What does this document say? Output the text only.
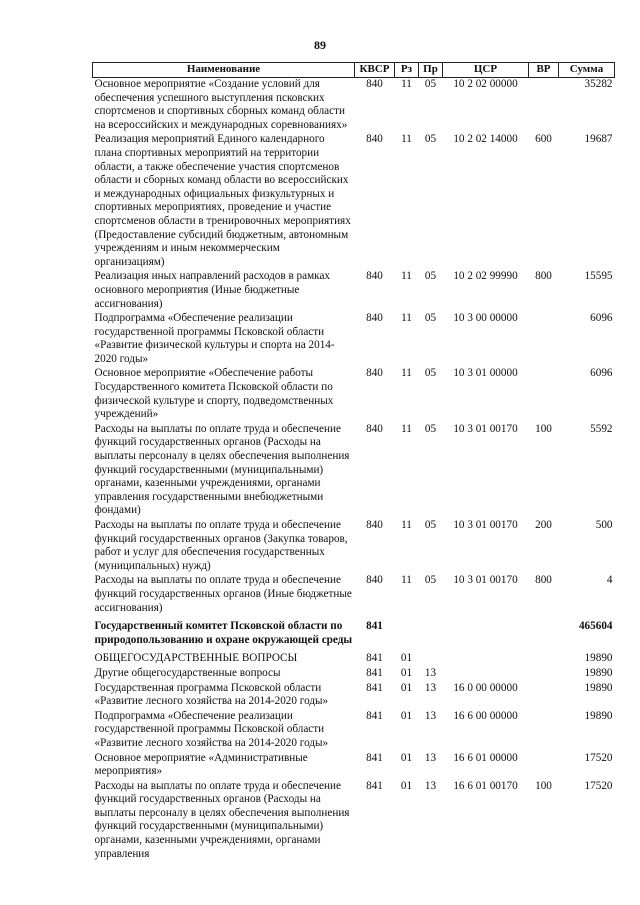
89
Наименование	КВСР	Рз	Пр	ЦСР	ВР	Сумма
Основное мероприятие «Создание условий для обеспечения успешного выступления псковских спортсменов и спортивных сборных команд области на всероссийских и международных соревнованиях»	840	11	05	10 2 02 00000		35282
Реализация мероприятий Единого календарного плана спортивных мероприятий на территории области, а также обеспечение участия спортсменов области и сборных команд области во всероссийских и международных официальных физкультурных и спортивных мероприятиях, проведение и участие спортсменов области в тренировочных мероприятиях (Предоставление субсидий бюджетным, автономным учреждениям и иным некоммерческим организациям)	840	11	05	10 2 02 14000	600	19687
Реализация иных направлений расходов в рамках основного мероприятия (Иные бюджетные ассигнования)	840	11	05	10 2 02 99990	800	15595
Подпрограмма «Обеспечение реализации государственной программы Псковской области «Развитие физической культуры и спорта на 2014-2020 годы»	840	11	05	10 3 00 00000		6096
Основное мероприятие «Обеспечение работы Государственного комитета Псковской области по физической культуре и спорту, подведомственных учреждений»	840	11	05	10 3 01 00000		6096
Расходы на выплаты по оплате труда и обеспечение функций государственных органов (Расходы на выплаты персоналу в целях обеспечения выполнения функций государственными (муниципальными) органами, казенными учреждениями, органами управления государственными внебюджетными фондами)	840	11	05	10 3 01 00170	100	5592
Расходы на выплаты по оплате труда и обеспечение функций государственных органов (Закупка товаров, работ и услуг для обеспечения государственных (муниципальных) нужд)	840	11	05	10 3 01 00170	200	500
Расходы на выплаты по оплате труда и обеспечение функций государственных органов (Иные бюджетные ассигнования)	840	11	05	10 3 01 00170	800	4
Государственный комитет Псковской области по природопользованию и охране окружающей среды	841					465604
ОБЩЕГОСУДАРСТВЕННЫЕ ВОПРОСЫ	841	01				19890
Другие общегосударственные вопросы	841	01	13			19890
Государственная программа Псковской области «Развитие лесного хозяйства на 2014-2020 годы»	841	01	13	16 0 00 00000		19890
Подпрограмма «Обеспечение реализации государственной программы Псковской области «Развитие лесного хозяйства на 2014-2020 годы»	841	01	13	16 6 00 00000		19890
Основное мероприятие «Административные мероприятия»	841	01	13	16 6 01 00000		17520
Расходы на выплаты по оплате труда и обеспечение функций государственных органов (Расходы на выплаты персоналу в целях обеспечения выполнения функций государственными (муниципальными) органами, казенными учреждениями, органами управления	841	01	13	16 6 01 00170	100	17520
